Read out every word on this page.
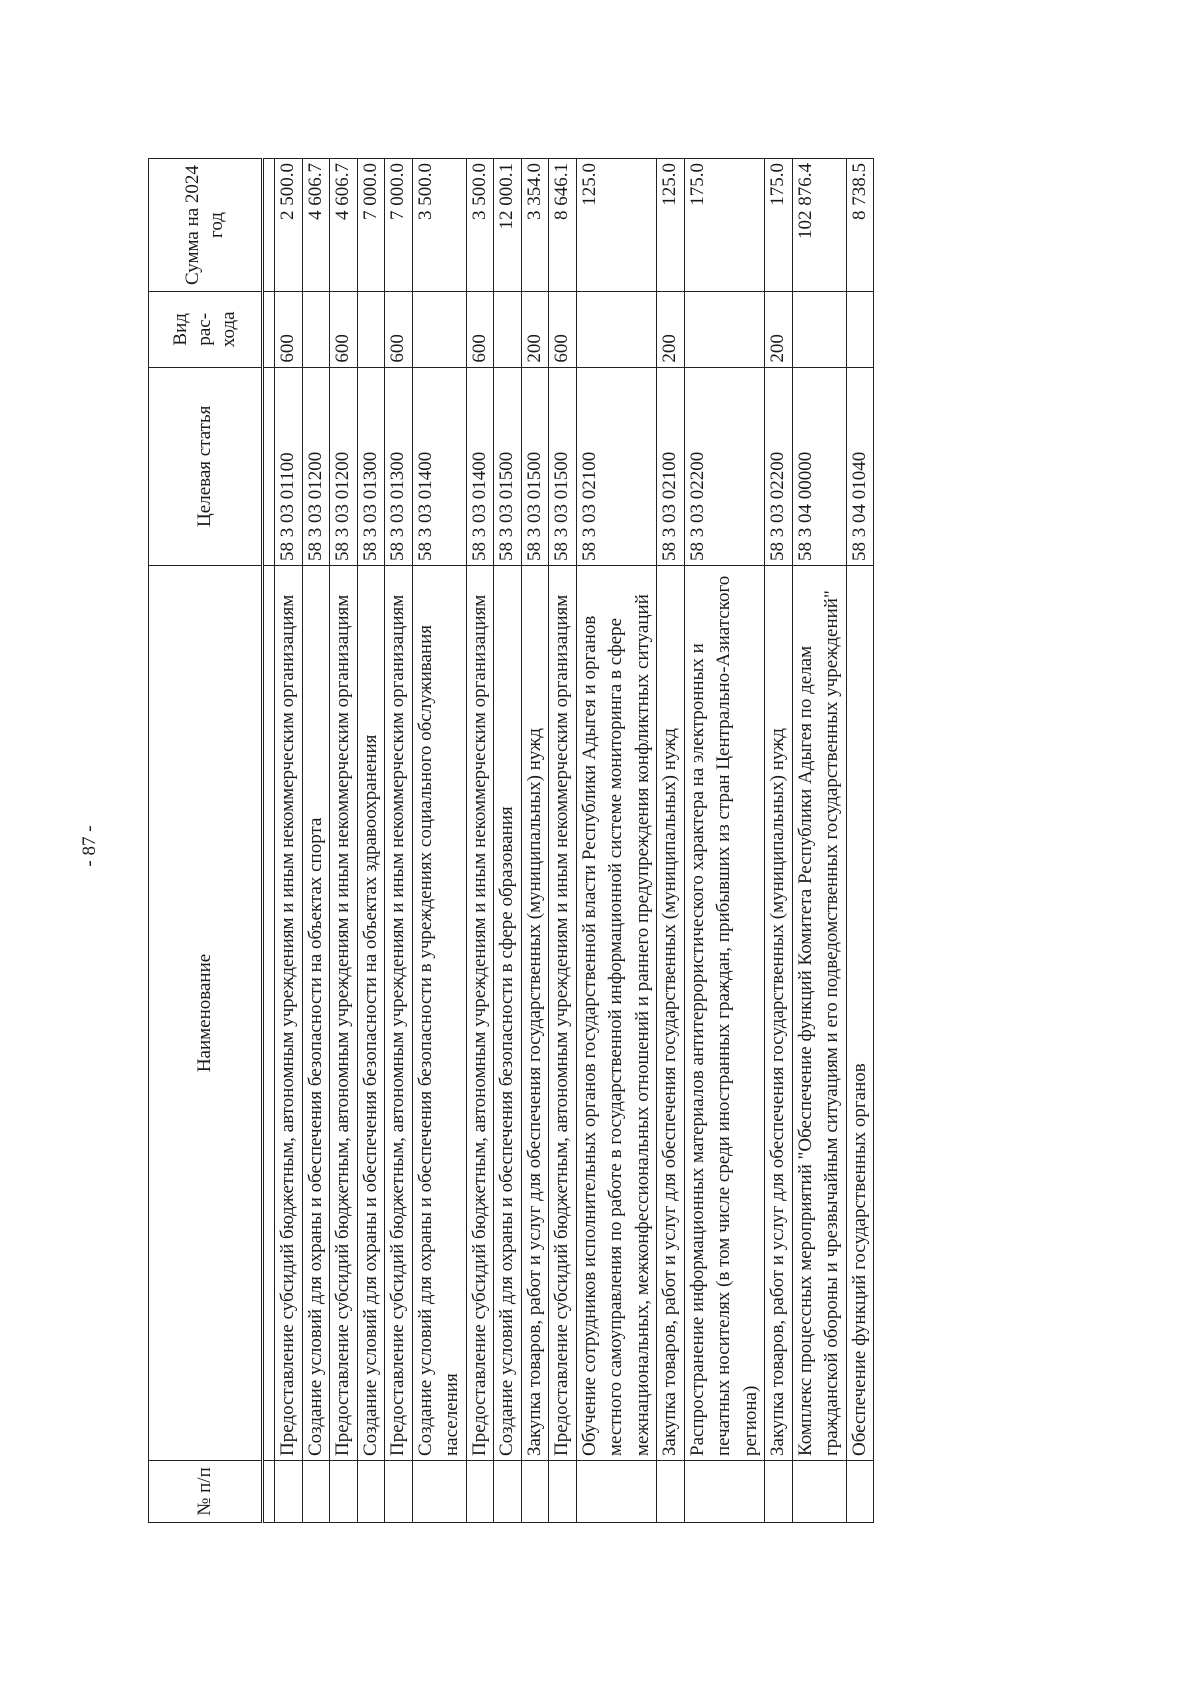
- 87 -
№ п/п	Наименование	Целевая статья	Вид рас-хода	Сумма на 2024 год

	Предоставление субсидий бюджетным, автономным учреждениям и иным некоммерческим организациям	58 3 03 01100	600	2 500.0
	Создание условий для охраны и обеспечения безопасности на объектах спорта	58 3 03 01200		4 606.7
	Предоставление субсидий бюджетным, автономным учреждениям и иным некоммерческим организациям	58 3 03 01200	600	4 606.7
	Создание условий для охраны и обеспечения безопасности на объектах здравоохранения	58 3 03 01300		7 000.0
	Предоставление субсидий бюджетным, автономным учреждениям и иным некоммерческим организациям	58 3 03 01300	600	7 000.0
	Создание условий для охраны и обеспечения безопасности в учреждениях социального обслуживания населения	58 3 03 01400		3 500.0
	Предоставление субсидий бюджетным, автономным учреждениям и иным некоммерческим организациям	58 3 03 01400	600	3 500.0
	Создание условий для охраны и обеспечения безопасности в сфере образования	58 3 03 01500		12 000.1
	Закупка товаров, работ и услуг для обеспечения государственных (муниципальных) нужд	58 3 03 01500	200	3 354.0
	Предоставление субсидий бюджетным, автономным учреждениям и иным некоммерческим организациям	58 3 03 01500	600	8 646.1
	Обучение сотрудников исполнительных органов государственной власти Республики Адыгея и органов местного самоуправления по работе в государственной информационной системе мониторинга в сфере межнациональных, межконфессиональных отношений и раннего предупреждения конфликтных ситуаций	58 3 03 02100		125.0
	Закупка товаров, работ и услуг для обеспечения государственных (муниципальных) нужд	58 3 03 02100	200	125.0
	Распространение информационных материалов антитеррористического характера на электронных и печатных носителях (в том числе среди иностранных граждан, прибывших из стран Центрально-Азиатского региона)	58 3 03 02200		175.0
	Закупка товаров, работ и услуг для обеспечения государственных (муниципальных) нужд	58 3 03 02200	200	175.0
	Комплекс процессных мероприятий "Обеспечение функций Комитета Республики Адыгея по делам гражданской обороны и чрезвычайным ситуациям и его подведомственных государственных учреждений"	58 3 04 00000		102 876.4
	Обеспечение функций государственных органов	58 3 04 01040		8 738.5
